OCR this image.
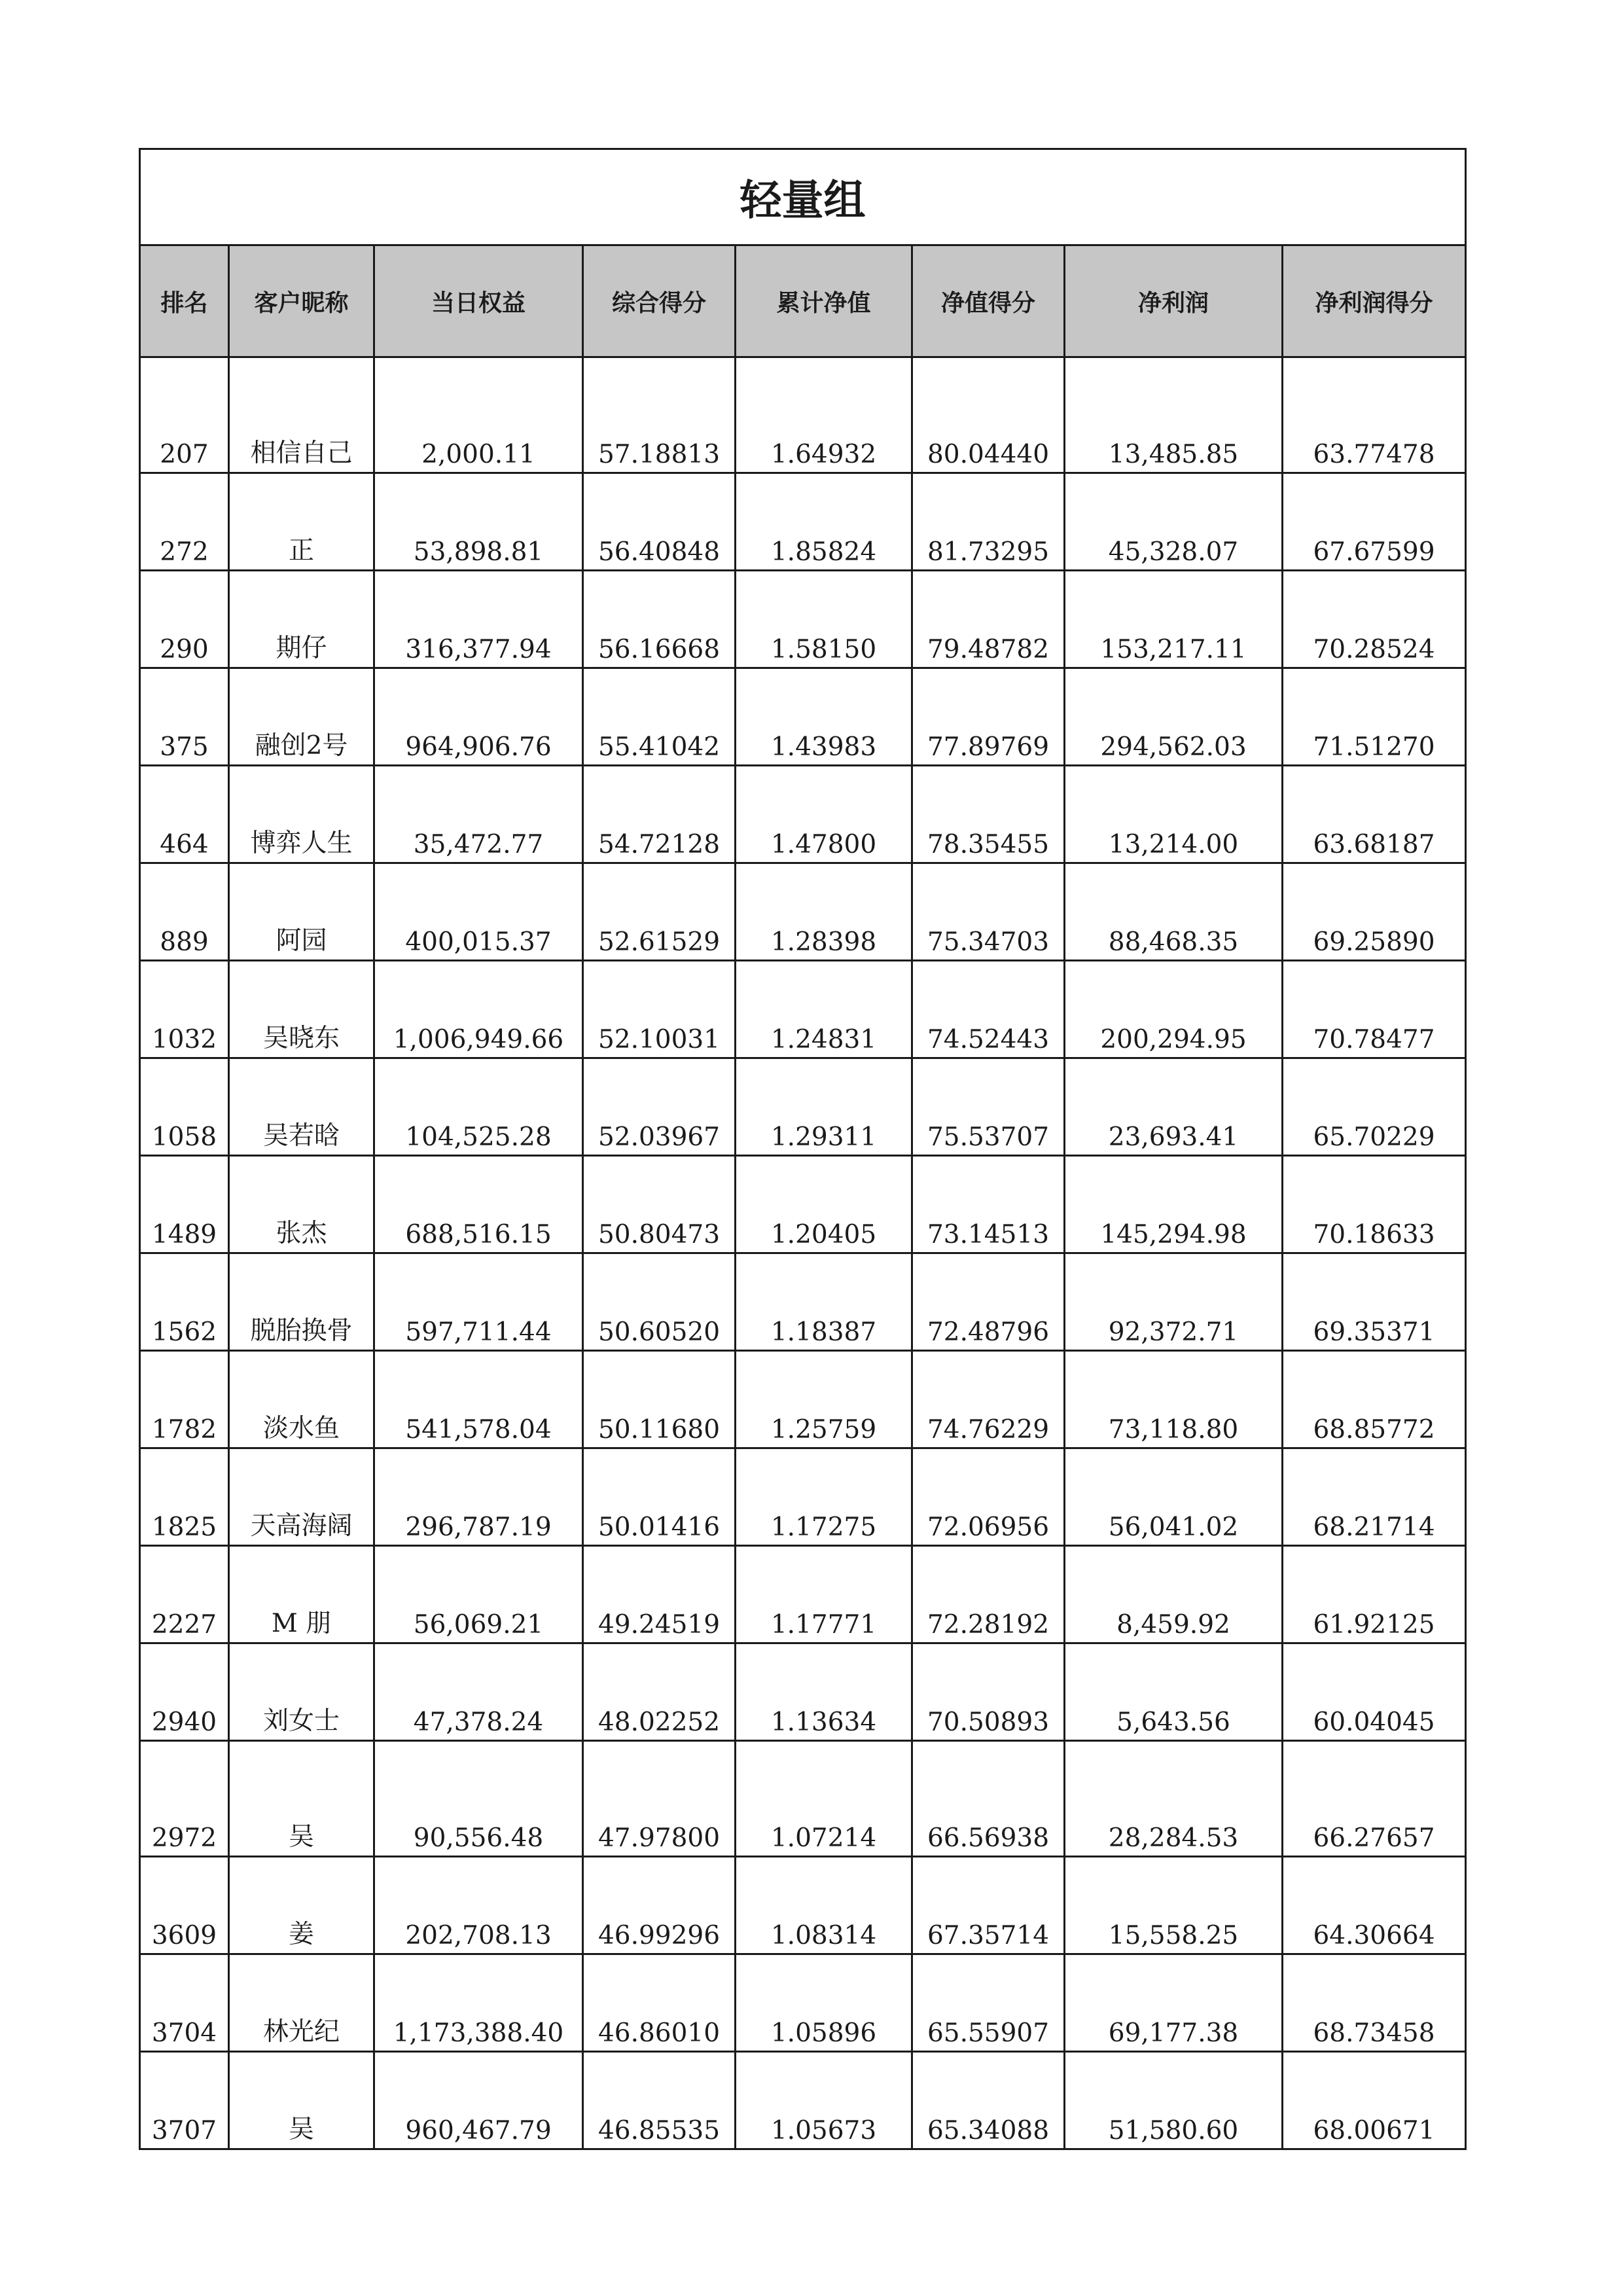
轻量组							
排名	客户昵称	当日权益	综合得分	累计净值	净值得分	净利润	净利润得分
207	相信自己	2,000.11	57.18813	1.64932	80.04440	13,485.85	63.77478
272	正	53,898.81	56.40848	1.85824	81.73295	45,328.07	67.67599
290	期仔	316,377.94	56.16668	1.58150	79.48782	153,217.11	70.28524
375	融创2号	964,906.76	55.41042	1.43983	77.89769	294,562.03	71.51270
464	博弈人生	35,472.77	54.72128	1.47800	78.35455	13,214.00	63.68187
889	阿园	400,015.37	52.61529	1.28398	75.34703	88,468.35	69.25890
1032	吴晓东	1,006,949.66	52.10031	1.24831	74.52443	200,294.95	70.78477
1058	吴若晗	104,525.28	52.03967	1.29311	75.53707	23,693.41	65.70229
1489	张杰	688,516.15	50.80473	1.20405	73.14513	145,294.98	70.18633
1562	脱胎换骨	597,711.44	50.60520	1.18387	72.48796	92,372.71	69.35371
1782	淡水鱼	541,578.04	50.11680	1.25759	74.76229	73,118.80	68.85772
1825	天高海阔	296,787.19	50.01416	1.17275	72.06956	56,041.02	68.21714
2227	M 朋	56,069.21	49.24519	1.17771	72.28192	8,459.92	61.92125
2940	刘女士	47,378.24	48.02252	1.13634	70.50893	5,643.56	60.04045
2972	吴	90,556.48	47.97800	1.07214	66.56938	28,284.53	66.27657
3609	姜	202,708.13	46.99296	1.08314	67.35714	15,558.25	64.30664
3704	林光纪	1,173,388.40	46.86010	1.05896	65.55907	69,177.38	68.73458
3707	吴	960,467.79	46.85535	1.05673	65.34088	51,580.60	68.00671
